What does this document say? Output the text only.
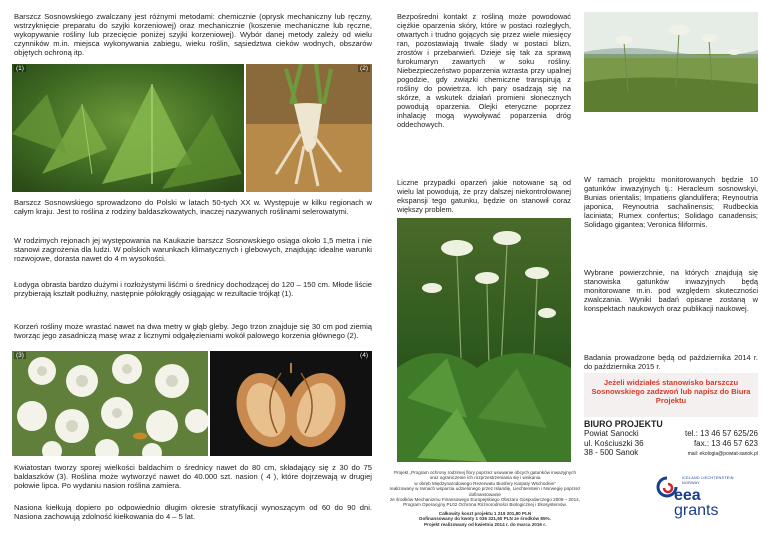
Barszcz Sosnowskiego zwalczany jest różnymi metodami: chemicznie (oprysk mechaniczny lub ręczny, wstrzyknięcie preparatu do szyjki korzeniowej) oraz mechanicznie (koszenie mechaniczne lub ręczne, wykopywanie rośliny lub przecięcie poniżej szyjki korzeniowej). Wybór danej metody zależy od wielu czynników m.in. miejsca wykonywania zabiegu, wieku roślin, sąsiedztwa cieków wodnych, obszarów objętych ochroną itp.
(1)	(2)
Barszcz Sosnowskiego sprowadzono do Polski w latach 50-tych XX w. Występuje w kilku regionach w całym kraju. Jest to roślina z rodziny baldaszkowatych, inaczej nazywanych roślinami selerowatymi.
W rodzimych rejonach jej występowania na Kaukazie barszcz Sosnowskiego osiąga około 1,5 metra i nie stanowi zagrożenia dla ludzi. W polskich warunkach klimatycznych i glebowych, znajdując idealne warunki rozwojowe, dorasta nawet do 4 m wysokości.
Łodyga obrasta bardzo dużymi i rozłożystymi liśćmi o średnicy dochodzącej do 120 – 150 cm. Młode liście przybierają kształt podłużny, następnie półokrągły osiągając w rezultacie trójkąt (1).
Korzeń rośliny może wrastać nawet na dwa metry w głąb gleby. Jego trzon znajduje się 30 cm pod ziemią tworząc jego zasadniczą masę wraz z licznymi odgałęzieniami wokół palowego korzenia głównego (2).
(3)	(4)
Kwiatostan tworzy sporej wielkości baldachim o średnicy nawet do 80 cm, składający się z 30 do 75 baldaszków (3). Roślina może wytworzyć nawet do 40.000 szt. nasion ( 4 ), które dojrzewają w drugiej połowie lipca. Po wydaniu nasion roślina zamiera.
Nasiona kiełkują dopiero po odpowiednio długim okresie stratyfikacji wynoszącym od 60 do 90 dni. Nasiona zachowują zdolność kiełkowania do 4 – 5 lat.
Bezpośredni kontakt z rośliną może powodować ciężkie oparzenia skóry, które w postaci rozległych, otwartych i trudno gojących się przez wiele miesięcy ran, pozostawiają trwałe ślady w postaci blizn, zrostów i przebarwień. Dzieje się tak za sprawą furokumaryn zawartych w soku rośliny. Niebezpieczeństwo poparzenia wzrasta przy upalnej pogodzie, gdy związki chemiczne transpirują z rośliny do powietrza. Ich pary osadzają się na skórze, a wskutek działań promieni słonecznych powodują oparzenia. Olejki eteryczne poprzez inhalację mogą wywoływać poparzenia dróg oddechowych.
Liczne przypadki oparzeń jakie notowane są od wielu lat powodują, że przy dalszej niekontrolowanej ekspansji tego gatunku, będzie on stanowił coraz większy problem.
Projekt „Program ochrony rodzimej flory poprzez usuwanie obcych gatunków inwazyjnych
oraz ograniczenie ich rozprzestrzeniania się i wnikania
w obręb Międzynarodowego Rezerwatu Biosfery Karpaty Wschodnie”
realizowany w ramach wsparcia udzielonego przez Islandię, Liechtenstein i Norwegię poprzez dofinansowanie
ze środków Mechanizmu Finansowego Europejskiego Obszaru Gospodarczego 2009 – 2014,
Program Operacyjny PL02 Ochrona Różnorodności Biologicznej i Ekosystemów.
Całkowity koszt projektu 1 219 201,80 PLN
Dofinansowany do kwoty 1 036 321,60 PLN ze środków 85%.
Projekt realizowany od kwietnia 2014 r. do marca 2016 r.
W ramach projektu monitorowanych będzie 10 gatunków inwazyjnych tj.: Heracleum sosnowskyi, Bunias orientalis; Impatiens glandulifera; Reynoutria japonica, Reynoutria sachalinensis; Rudbeckia laciniata; Rumex confertus; Solidago canadensis; Solidago gigantea; Veronica filiformis.
Wybrane powierzchnie, na których znajdują się stanowiska gatunków inwazyjnych będą monitorowane m.in. pod względem skuteczności zwalczania. Wyniki badań opisane zostaną w konspektach naukowych oraz publikacji naukowej.
Badania prowadzone będą od października 2014 r. do października 2015 r.
Jeżeli widziałeś stanowisko barszczu Sosnowskiego zadzwoń lub napisz do Biura Projektu
BIURO PROJEKTU
Powiat Sanocki	tel.: 13 46 57 625/26
ul. Kościuszki 36	fax.: 13 46 57 623
38 - 500 Sanok	mail: ekologia@powiat-sanok.pl
ICELAND LIECHTENSTEIN NORWAY
eea
grants
